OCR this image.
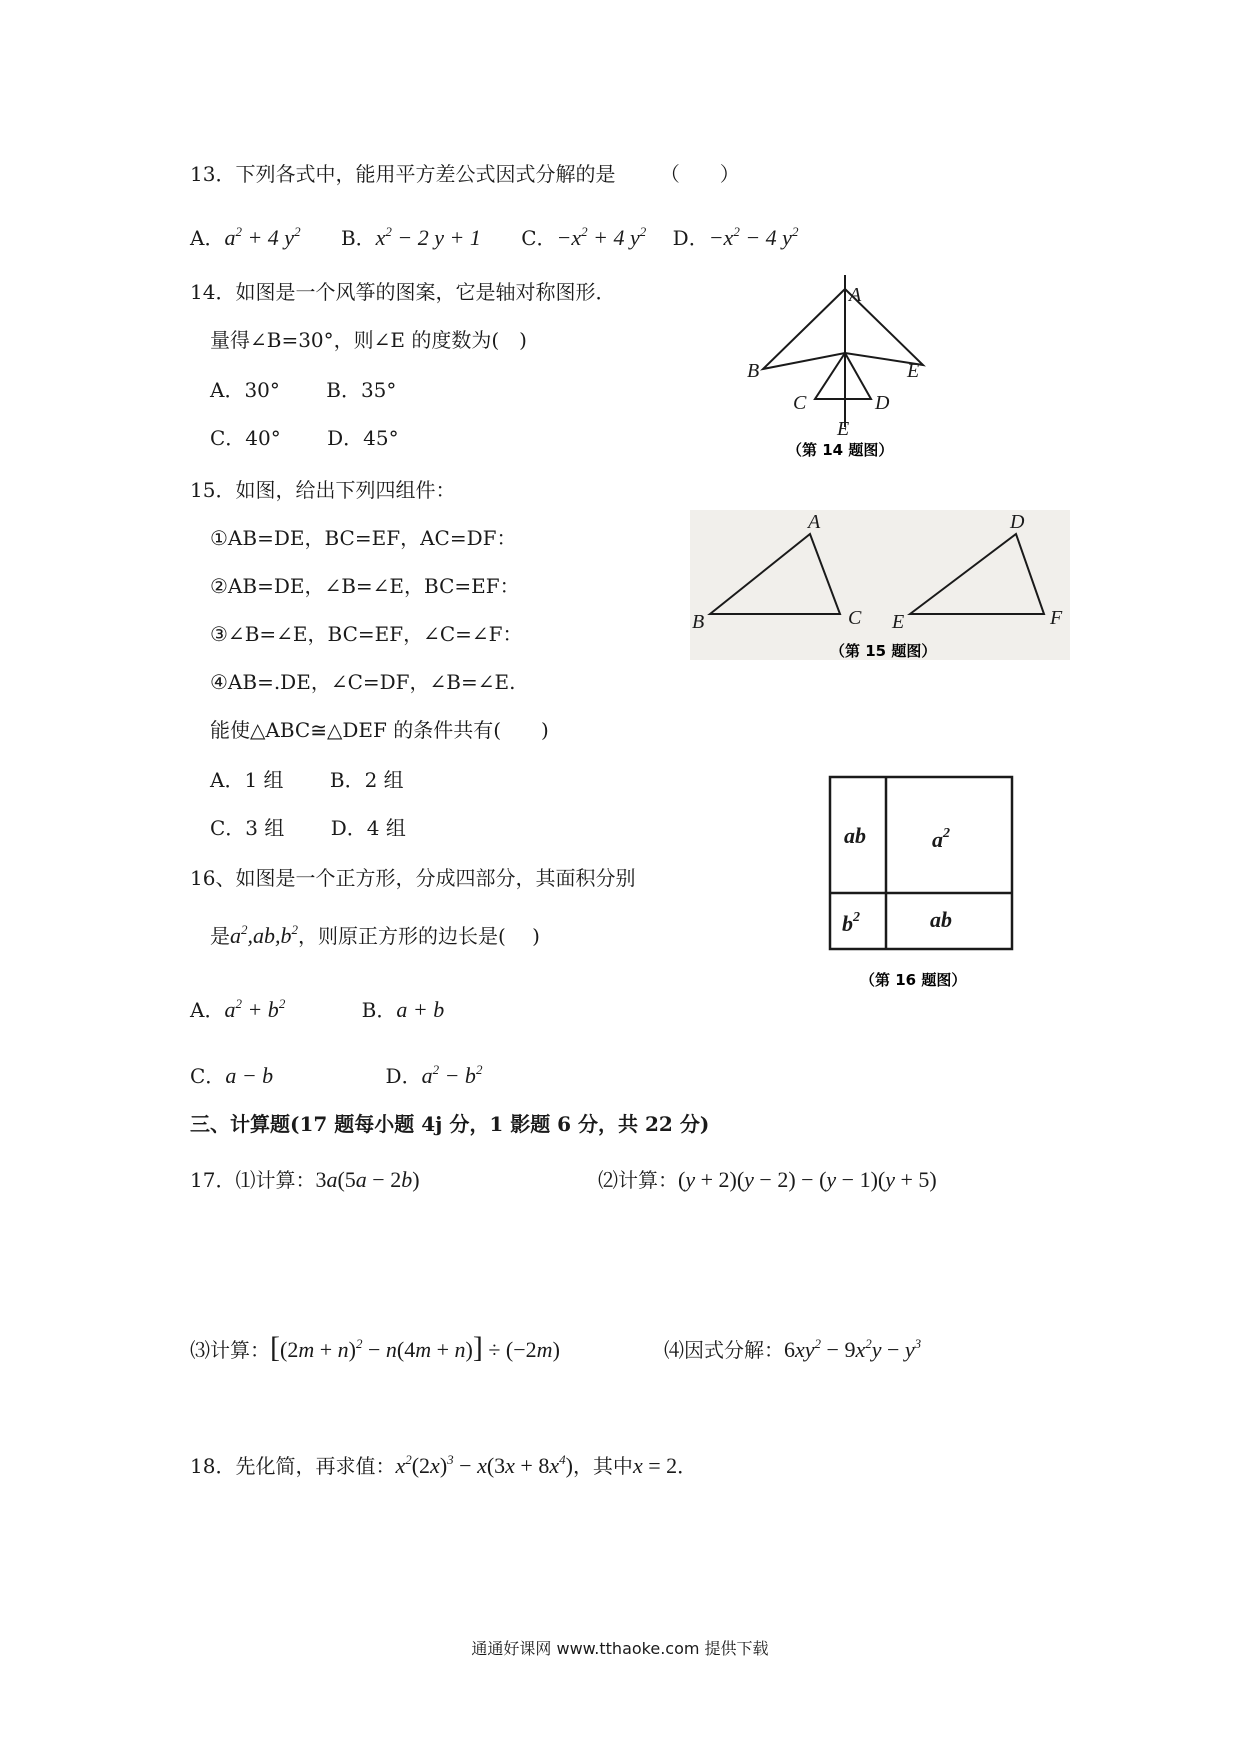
13．下列各式中，能用平方差公式因式分解的是 （　　）
A．$a^2 + 4$ $y^2$ B．$x^2 - 2$ y + 1 C．$-x^2 + 4$ $y^2$ D．$-x^2 - 4$ $y^2$
14．如图是一个风筝的图案，它是轴对称图形．
量得∠B=30°，则∠E 的度数为(　)
A．30° B．35°
C．40° D．45°
A
B
C	D
E
E
（第 14 题图）
15．如图，给出下列四组件：
①AB=DE，BC=EF，AC=DF：
②AB=DE，∠B=∠E，BC=EF：
③∠B=∠E，BC=EF，∠C=∠F：
④AB=.DE，∠C=DF，∠B=∠E.
能使△ABC≅△DEF 的条件共有(　　)
A．1 组 B．2 组
C．3 组 D．4 组
A
B	C
D
E	F
（第 15 题图）
16、如图是一个正方形，分成四部分，其面积分别
是$a^2,ab,b^2$，则原正方形的边长是(　 )
A．$a^2 + b^2$	B．a + b
C．a − b	D．$a^2 - b^2$
ab	$a^2$
$b^2$	ab
（第 16 题图）
三、计算题(17 题每小题 4j 分，1 影题 6 分，共 22 分)
17．⑴计算：3a(5a − 2b)	⑵计算：(y + 2)(y − 2) − (y − 1)(y + 5)
⑶计算：$[(2m + n)^2 - n(4m + n)] \div (-2m)$	⑷因式分解：$6xy^2 - 9x^2y - y^3$
18．先化简，再求值：$x^2(2x)^3 - x(3x + 8x^4)$，其中x = 2．
通通好课网 www.tthaoke.com 提供下载
